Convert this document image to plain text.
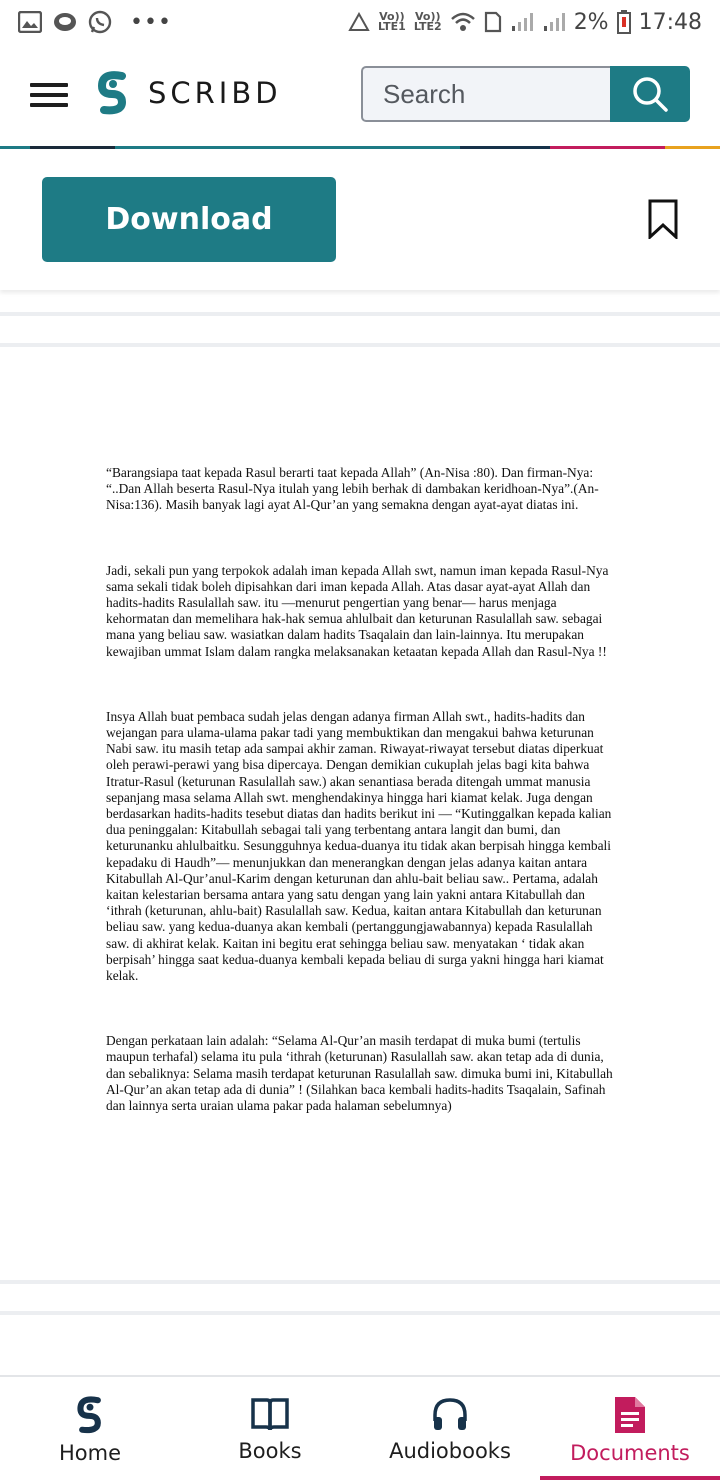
•••	Vo))
LTE1
Vo))
LTE2	2% 17:48
SCRIBD
Search
Download

“Barangsiapa taat kepada Rasul berarti taat kepada Allah” (An-Nisa :80). Dan firman-Nya: “..Dan Allah beserta Rasul-Nya itulah yang lebih berhak di dambakan keridhoan-Nya”.(An-Nisa:136). Masih banyak lagi ayat Al-Qur’an yang semakna dengan ayat-ayat diatas ini.

Jadi, sekali pun yang terpokok adalah iman kepada Allah swt, namun iman kepada Rasul-Nya sama sekali tidak boleh dipisahkan dari iman kepada Allah. Atas dasar ayat-ayat Allah dan hadits-hadits Rasulallah saw. itu —menurut pengertian yang benar— harus menjaga kehormatan dan memelihara hak-hak semua ahlulbait dan keturunan Rasulallah saw. sebagai mana yang beliau saw. wasiatkan dalam hadits Tsaqalain dan lain-lainnya. Itu merupakan kewajiban ummat Islam dalam rangka melaksanakan ketaatan kepada Allah dan Rasul-Nya !!

Insya Allah buat pembaca sudah jelas dengan adanya firman Allah swt., hadits-hadits dan wejangan para ulama-ulama pakar tadi yang membuktikan dan mengakui bahwa keturunan Nabi saw. itu masih tetap ada sampai akhir zaman. Riwayat-riwayat tersebut diatas diperkuat oleh perawi-perawi yang bisa dipercaya. Dengan demikian cukuplah jelas bagi kita bahwa Itratur-Rasul (keturunan Rasulallah saw.) akan senantiasa berada ditengah ummat manusia sepanjang masa selama Allah swt. menghendakinya hingga hari kiamat kelak. Juga dengan berdasarkan hadits-hadits tesebut diatas dan hadits berikut ini — “Kutinggalkan kepada kalian dua peninggalan: Kitabullah sebagai tali yang terbentang antara langit dan bumi, dan keturunanku ahlulbaitku. Sesungguhnya kedua-duanya itu tidak akan berpisah hingga kembali kepadaku di Haudh”— menunjukkan dan menerangkan dengan jelas adanya kaitan antara Kitabullah Al-Qur’anul-Karim dengan keturunan dan ahlu-bait beliau saw.. Pertama, adalah kaitan kelestarian bersama antara yang satu dengan yang lain yakni antara Kitabullah dan ‘ithrah (keturunan, ahlu-bait) Rasulallah saw. Kedua, kaitan antara Kitabullah dan keturunan beliau saw. yang kedua-duanya akan kembali (pertanggungjawabannya) kepada Rasulallah saw. di akhirat kelak. Kaitan ini begitu erat sehingga beliau saw. menyatakan ‘ tidak akan berpisah’ hingga saat kedua-duanya kembali kepada beliau di surga yakni hingga hari kiamat kelak.

Dengan perkataan lain adalah: “Selama Al-Qur’an masih terdapat di muka bumi (tertulis maupun terhafal) selama itu pula ‘ithrah (keturunan) Rasulallah saw. akan tetap ada di dunia, dan sebaliknya: Selama masih terdapat keturunan Rasulallah saw. dimuka bumi ini, Kitabullah Al-Qur’an akan tetap ada di dunia” ! (Silahkan baca kembali hadits-hadits Tsaqalain, Safinah dan lainnya serta uraian ulama pakar pada halaman sebelumnya)

Home	Books	Audiobooks	Documents
